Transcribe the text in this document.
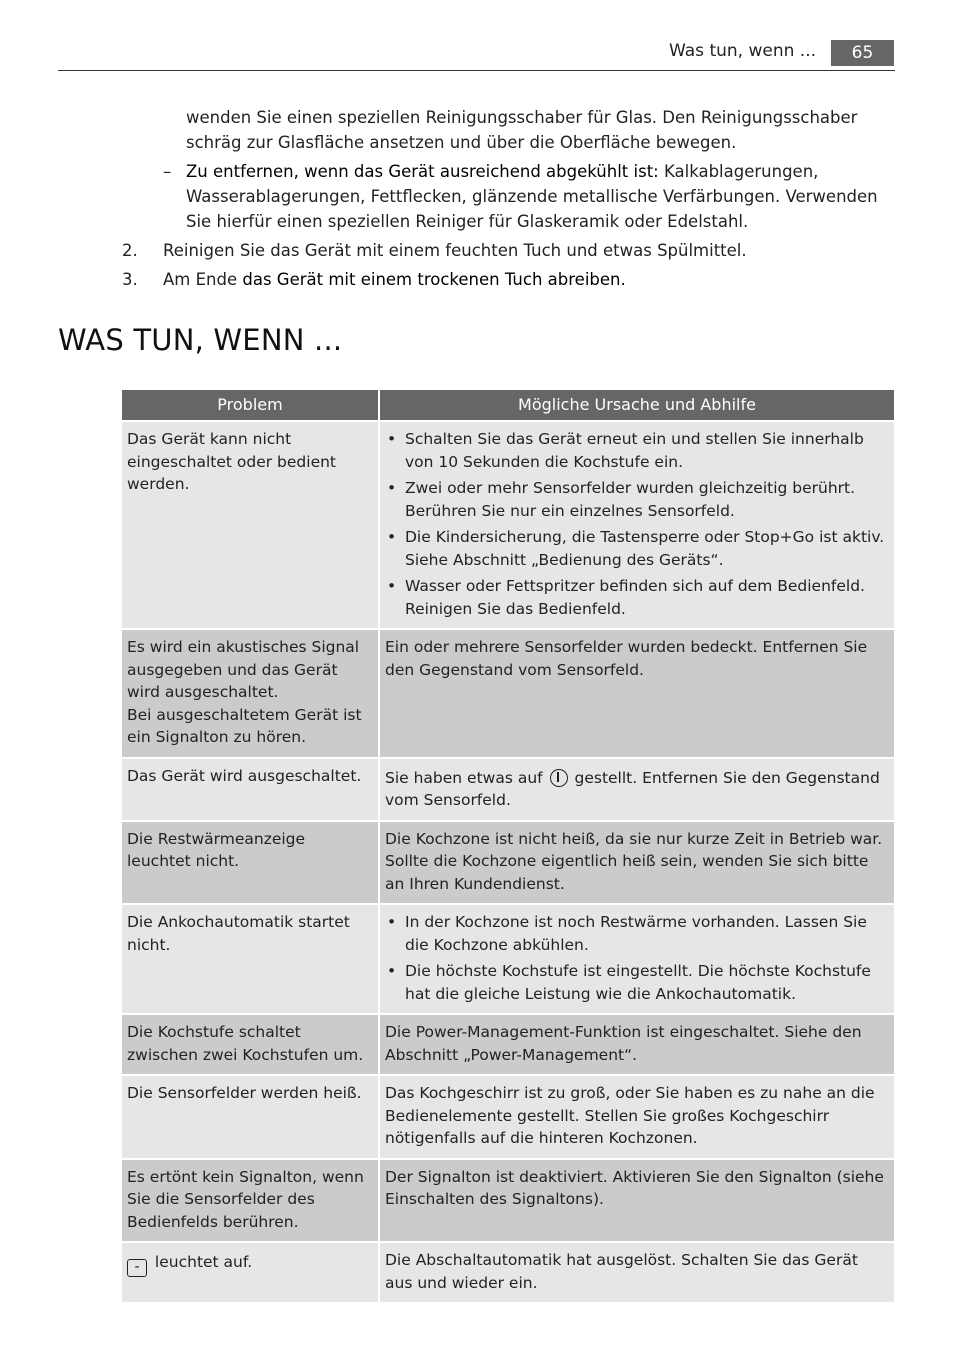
Was tun, wenn ...	65

wenden Sie einen speziellen Reinigungsschaber für Glas. Den Reinigungsschaber schräg zur Glasfläche ansetzen und über die Oberfläche bewegen.

– Zu entfernen, wenn das Gerät ausreichend abgekühlt ist: Kalkablagerungen, Wasserablagerungen, Fettflecken, glänzende metallische Verfärbungen. Verwenden Sie hierfür einen speziellen Reiniger für Glaskeramik oder Edelstahl.

2. Reinigen Sie das Gerät mit einem feuchten Tuch und etwas Spülmittel.

3. Am Ende das Gerät mit einem trockenen Tuch abreiben.

WAS TUN, WENN ...
Problem	Mögliche Ursache und Abhilfe
Das Gerät kann nicht eingeschaltet oder bedient werden.	• Schalten Sie das Gerät erneut ein und stellen Sie innerhalb von 10 Sekunden die Kochstufe ein.
• Zwei oder mehr Sensorfelder wurden gleichzeitig berührt. Berühren Sie nur ein einzelnes Sensorfeld.
• Die Kindersicherung, die Tastensperre oder Stop+Go ist aktiv. Siehe Abschnitt „Bedienung des Geräts“.
• Wasser oder Fettspritzer befinden sich auf dem Bedienfeld. Reinigen Sie das Bedienfeld.

Es wird ein akustisches Signal ausgegeben und das Gerät wird ausgeschaltet.
Bei ausgeschaltetem Gerät ist ein Signalton zu hören.	Ein oder mehrere Sensorfelder wurden bedeckt. Entfernen Sie den Gegenstand vom Sensorfeld.
Das Gerät wird ausgeschaltet.	Sie haben etwas auf  gestellt. Entfernen Sie den Gegenstand vom Sensorfeld.
Die Restwärmeanzeige leuchtet nicht.	Die Kochzone ist nicht heiß, da sie nur kurze Zeit in Betrieb war. Sollte die Kochzone eigentlich heiß sein, wenden Sie sich bitte an Ihren Kundendienst.
Die Ankochautomatik startet nicht.	• In der Kochzone ist noch Restwärme vorhanden. Lassen Sie die Kochzone abkühlen.
• Die höchste Kochstufe ist eingestellt. Die höchste Kochstufe hat die gleiche Leistung wie die Ankochautomatik.

Die Kochstufe schaltet zwischen zwei Kochstufen um.	Die Power-Management-Funktion ist eingeschaltet. Siehe den Abschnitt „Power-Management“.
Die Sensorfelder werden heiß.	Das Kochgeschirr ist zu groß, oder Sie haben es zu nahe an die Bedienelemente gestellt. Stellen Sie großes Kochgeschirr nötigenfalls auf die hinteren Kochzonen.
Es ertönt kein Signalton, wenn Sie die Sensorfelder des Bedienfelds berühren.	Der Signalton ist deaktiviert. Aktivieren Sie den Signalton (siehe Einschalten des Signaltons).
- leuchtet auf.	Die Abschaltautomatik hat ausgelöst. Schalten Sie das Gerät aus und wieder ein.
